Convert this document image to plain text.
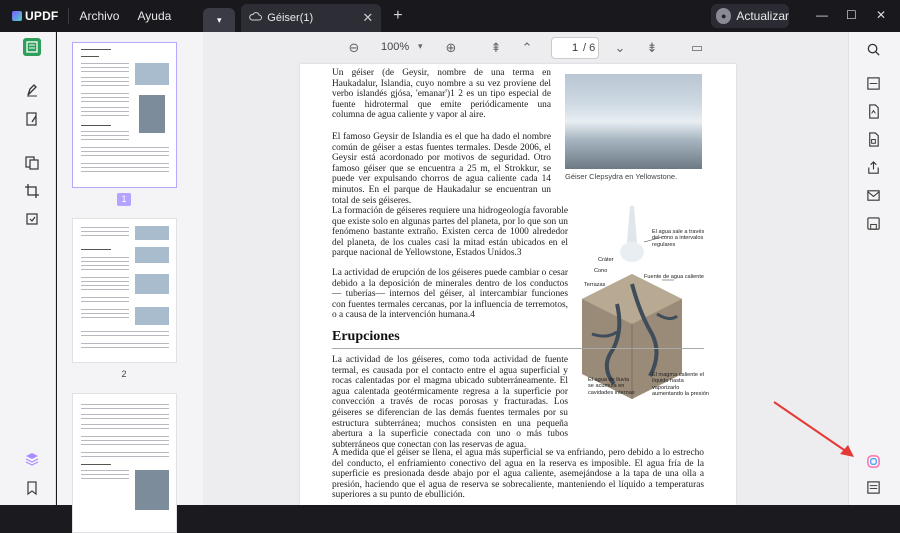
UPDF Archivo Ayuda	▾	Géiser(1)	✕ +	● Actualizar — ☐ ✕
1
2
⊖ 100% ▾ ⊕	⇞ ⌃	1 / 6 ⌄ ⇟	▭
Un géiser (de Geysir, nombre de una terma en Haukadalur, Islandia, cuyo nombre a su vez proviene del verbo islandés gjósa, 'emanar')1 2 es un tipo especial de fuente hidrotermal que emite periódicamente una columna de agua caliente y vapor al aire.
Géiser Clepsydra en Yellowstone.
El famoso Geysir de Islandia es el que ha dado el nombre común de géiser a estas fuentes termales. Desde 2006, el Geysir está acordonado por motivos de seguridad. Otro famoso géiser que se encuentra a 25 m, el Strokkur, se puede ver expulsando chorros de agua caliente cada 14 minutos. En el parque de Haukadalur se encuentran un total de seis géiseres.
La formación de géiseres requiere una hidrogeología favorable que existe solo en algunas partes del planeta, por lo que son un fenómeno bastante extraño. Existen cerca de 1000 alrededor del planeta, de los cuales casi la mitad están ubicados en el parque nacional de Yellowstone, Estados Unidos.3
La actividad de erupción de los géiseres puede cambiar o cesar debido a la deposición de minerales dentro de los conductos — tuberías— internos del géiser, al intercambiar funciones con fuentes termales cercanas, por la influencia de terremotos, o a causa de la intervención humana.4
El agua sale a través del cono a intervalos regulares
Cráter
Cono
Fuente de agua caliente
Terrazas
El agua de lluvia se acumula en cavidades internas
El magma caliente el líquido hasta vaporizarlo aumentando la presión
Erupciones
La actividad de los géiseres, como toda actividad de fuente termal, es causada por el contacto entre el agua superficial y rocas calentadas por el magma ubicado subterráneamente. El agua calentada geotérmicamente regresa a la superficie por convección a través de rocas porosas y fracturadas. Los géiseres se diferencian de las demás fuentes termales por su estructura subterránea; muchos consisten en una pequeña abertura a la superficie conectada con uno o más tubos subterráneos que conectan con las reservas de agua.
A medida que el géiser se llena, el agua más superficial se va enfriando, pero debido a lo estrecho del conducto, el enfriamiento conectivo del agua en la reserva es imposible. El agua fría de la superficie es presionada desde abajo por el agua caliente, asemejándose a la tapa de una olla a presión, haciendo que el agua de reserva se sobrecaliente, manteniendo el líquido a temperaturas superiores a su punto de ebullición.
